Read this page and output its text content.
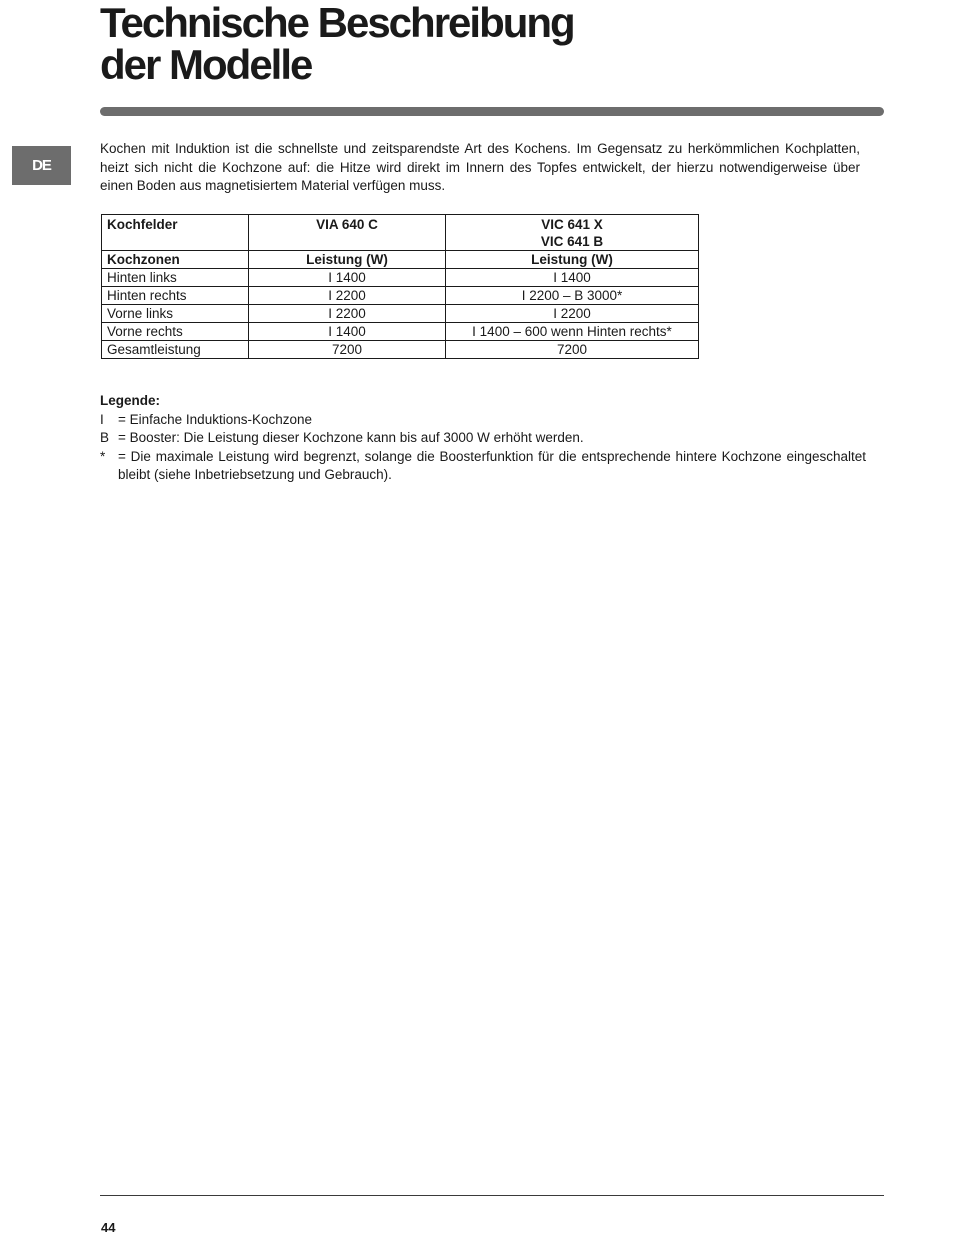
Technische Beschreibung
der Modelle
DE

Kochen mit Induktion ist die schnellste und zeitsparendste Art des Kochens. Im Gegensatz zu herkömmlichen Kochplatten, heizt sich nicht die Kochzone auf: die Hitze wird direkt im Innern des Topfes entwickelt, der hierzu notwendigerweise über einen Boden aus magnetisiertem Material verfügen muss.

Kochfelder	VIA 640 C	VIC 641 X
VIC 641 B

Kochzonen	Leistung (W)	Leistung (W)
Hinten links	I 1400	I 1400
Hinten rechts	I 2200	I 2200 – B 3000*
Vorne links	I 2200	I 2200
Vorne rechts	I 1400	I 1400 – 600 wenn Hinten rechts*
Gesamtleistung	7200	7200
Legende:
I	= Einfache Induktions-Kochzone
B = Booster: Die Leistung dieser Kochzone kann bis auf 3000 W erhöht werden.
* = Die maximale Leistung wird begrenzt, solange die Boosterfunktion für die entsprechende hintere Kochzone eingeschaltet bleibt (siehe Inbetriebsetzung und Gebrauch).
44
